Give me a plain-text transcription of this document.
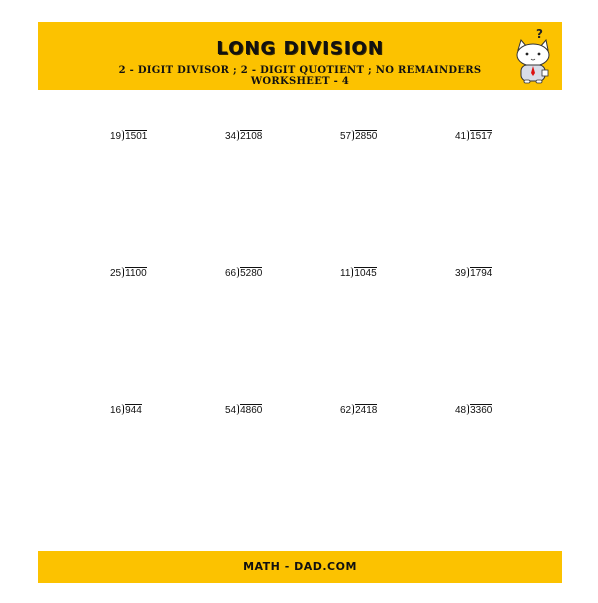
LONG DIVISION
2 - DIGIT DIVISOR ; 2 - DIGIT QUOTIENT ; NO REMAINDERS
WORKSHEET - 4
?
19 1501	34 2108	57 2850	41 1517
25 1100	66 5280	11 1045	39 1794
16 944	54 4860	62 2418	48 3360
MATH - DAD.COM
